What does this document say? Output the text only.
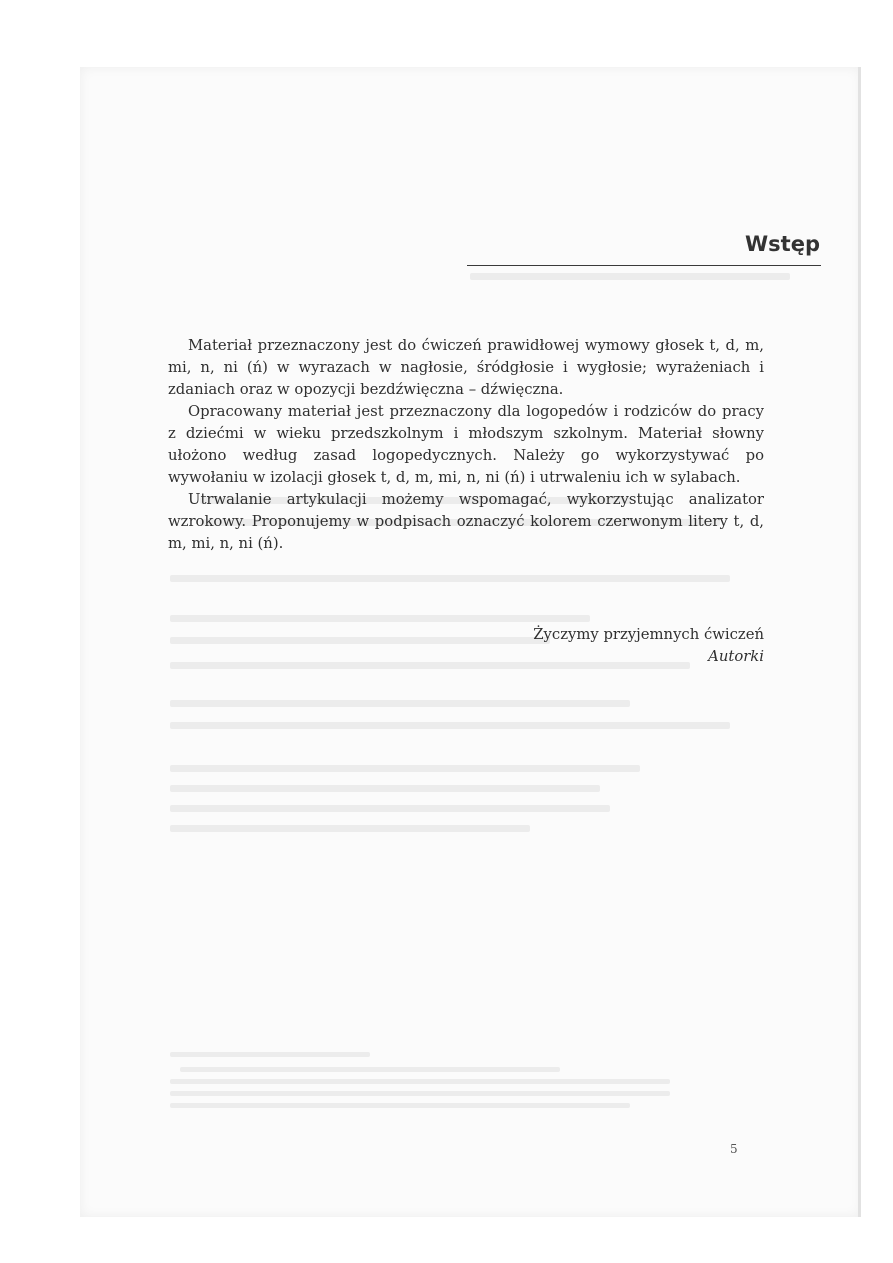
Wstęp

Materiał przeznaczony jest do ćwiczeń prawidłowej wymowy głosek t, d, m, mi, n, ni (ń) w wyrazach w nagłosie, śródgłosie i wygłosie; wyrażeniach i zdaniach oraz w opozycji bezdźwięczna – dźwięczna.

Opracowany materiał jest przeznaczony dla logopedów i rodziców do pracy z dziećmi w wieku przedszkolnym i młodszym szkolnym. Materiał słowny ułożono według zasad logopedycznych. Należy go wykorzystywać po wywołaniu w izolacji głosek t, d, m, mi, n, ni (ń) i utrwaleniu ich w sylabach.

Utrwalanie artykulacji możemy wspomagać, wykorzystując analizator wzrokowy. Proponujemy w podpisach oznaczyć kolorem czerwonym litery t, d, m, mi, n, ni (ń).

Życzymy przyjemnych ćwiczeń
Autorki
5
